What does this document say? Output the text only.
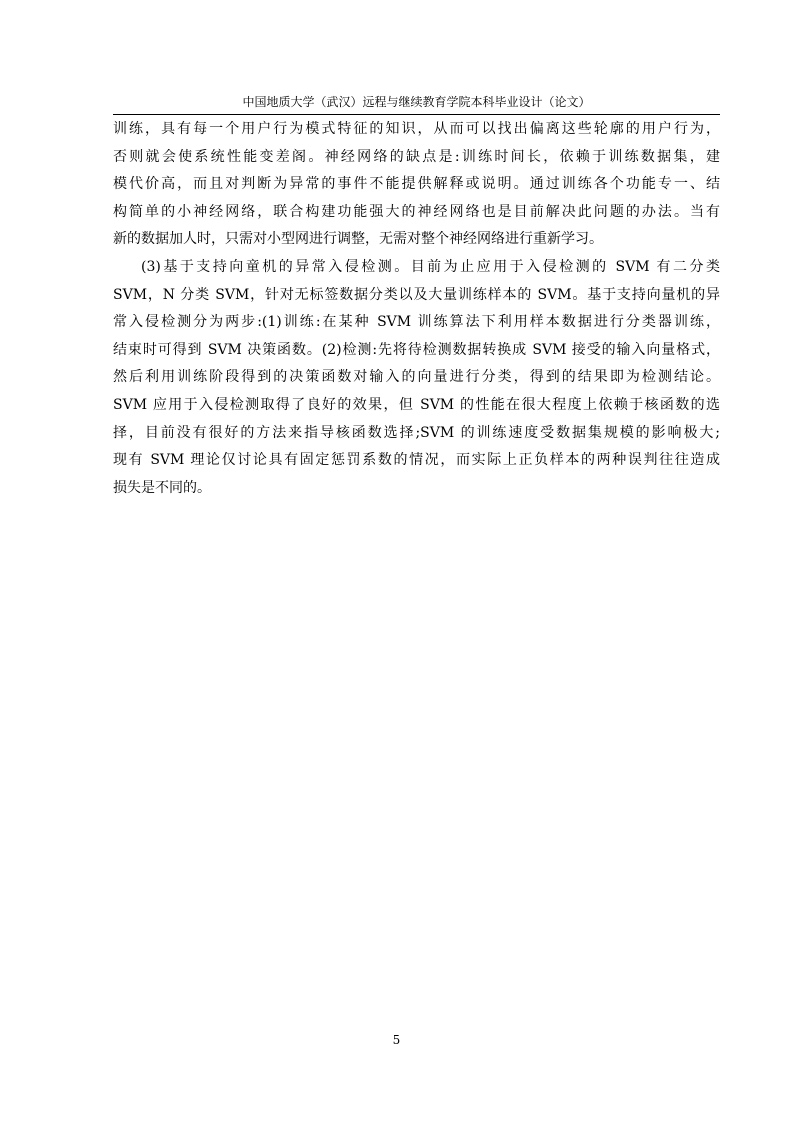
中国地质大学（武汉）远程与继续教育学院本科毕业设计（论文）
训练，具有每一个用户行为模式特征的知识，从而可以找出偏离这些轮廓的用户行为，
否则就会使系统性能变差阁。神经网络的缺点是:训练时间长，依赖于训练数据集，建
模代价高，而且对判断为异常的事件不能提供解释或说明。通过训练各个功能专一、结
构简单的小神经网络，联合构建功能强大的神经网络也是目前解决此问题的办法。当有
新的数据加人时，只需对小型网进行调整，无需对整个神经网络进行重新学习。
(3)基于支持向童机的异常入侵检测。目前为止应用于入侵检测的 SVM 有二分类
SVM，N 分类 SVM，针对无标签数据分类以及大量训练样本的 SVM。基于支持向量机的异
常入侵检测分为两步:(1)训练:在某种 SVM 训练算法下利用样本数据进行分类器训练，
结束时可得到 SVM 决策函数。(2)检测:先将待检测数据转换成 SVM 接受的输入向量格式，
然后利用训练阶段得到的决策函数对输入的向量进行分类，得到的结果即为检测结论。
SVM 应用于入侵检测取得了良好的效果，但 SVM 的性能在很大程度上依赖于核函数的选
择，目前没有很好的方法来指导核函数选择;SVM 的训练速度受数据集规模的影响极大;
现有 SVM 理论仅讨论具有固定惩罚系数的情况，而实际上正负样本的两种误判往往造成
损失是不同的。
5
